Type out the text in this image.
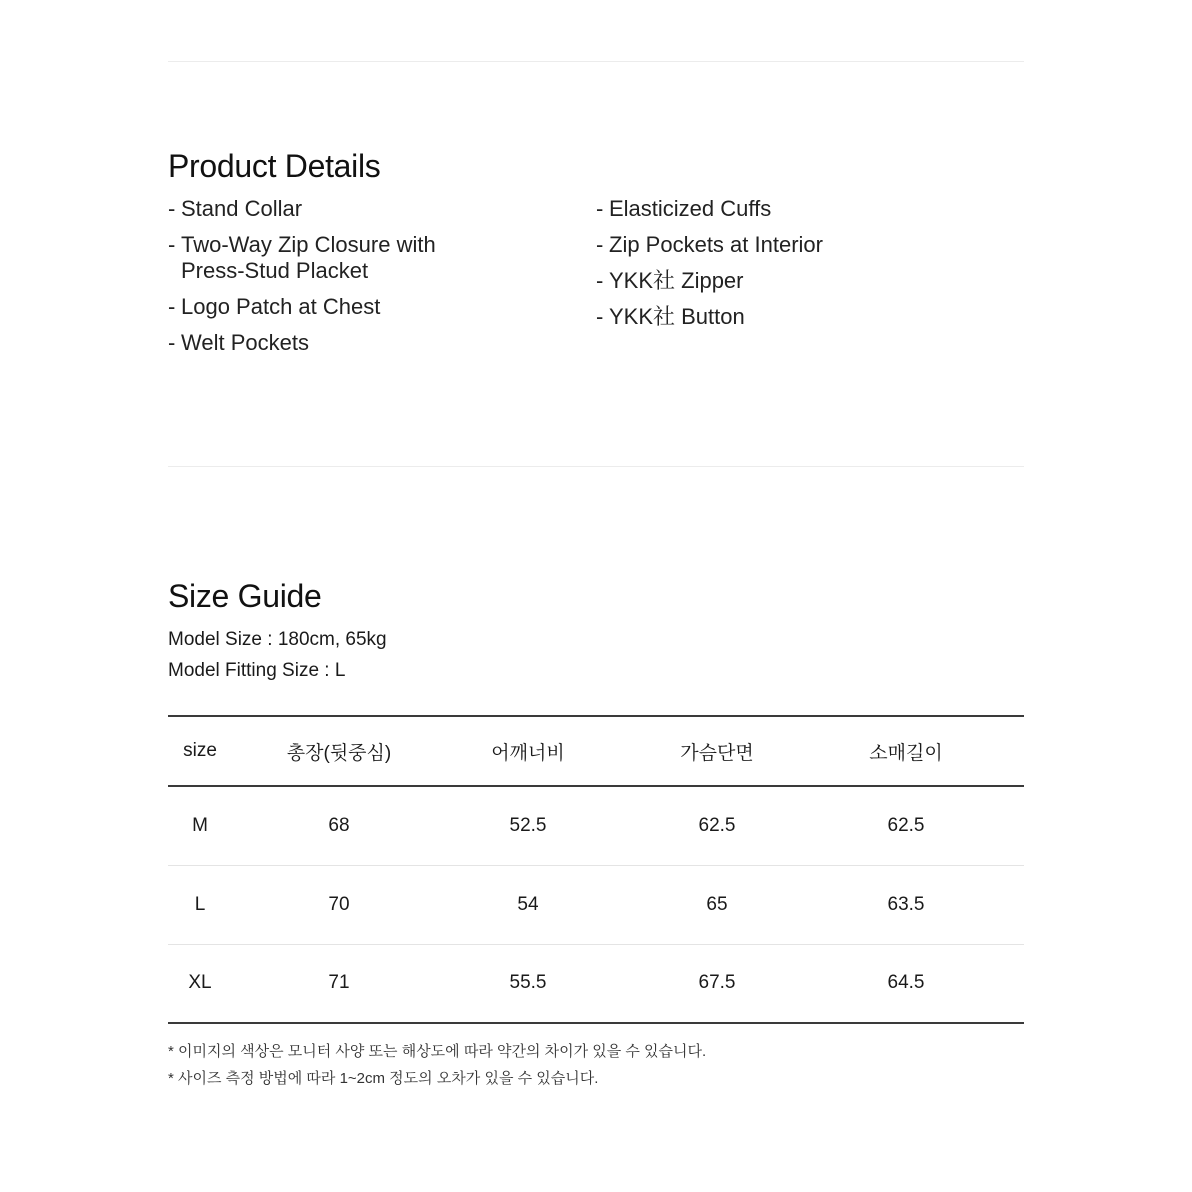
Product Details
- Stand Collar
- Two-Way Zip Closure with
Press-Stud Placket
- Logo Patch at Chest
- Welt Pockets
- Elasticized Cuffs
- Zip Pockets at Interior
- YKK社 Zipper
- YKK社 Button
Size Guide

Model Size : 180cm, 65kg

Model Fitting Size : L

size	총장(뒷중심)	어깨너비	가슴단면	소매길이	
M	68	52.5	62.5	62.5	
L	70	54	65	63.5	
XL	71	55.5	67.5	64.5	

* 이미지의 색상은 모니터 사양 또는 해상도에 따라 약간의 차이가 있을 수 있습니다.

* 사이즈 측정 방법에 따라 1~2cm 정도의 오차가 있을 수 있습니다.
